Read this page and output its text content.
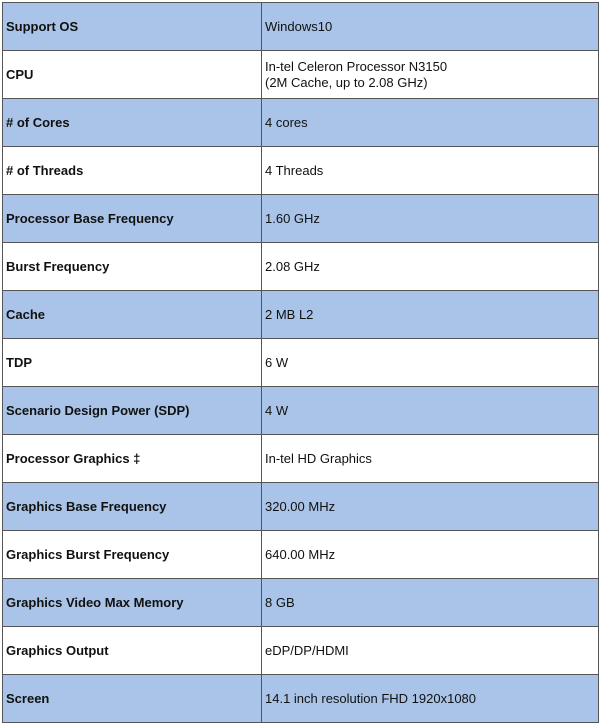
Support OS	Windows10
CPU	In-tel Celeron Processor N3150
(2M Cache, up to 2.08 GHz)
# of Cores	4 cores
# of Threads	4 Threads
Processor Base Frequency	1.60 GHz
Burst Frequency	2.08 GHz
Cache	2 MB L2
TDP	6 W
Scenario Design Power (SDP)	4 W
Processor Graphics ‡	In-tel HD Graphics
Graphics Base Frequency	320.00 MHz
Graphics Burst Frequency	640.00 MHz
Graphics Video Max Memory	8 GB
Graphics Output	eDP/DP/HDMI
Screen	14.1 inch resolution FHD 1920x1080
